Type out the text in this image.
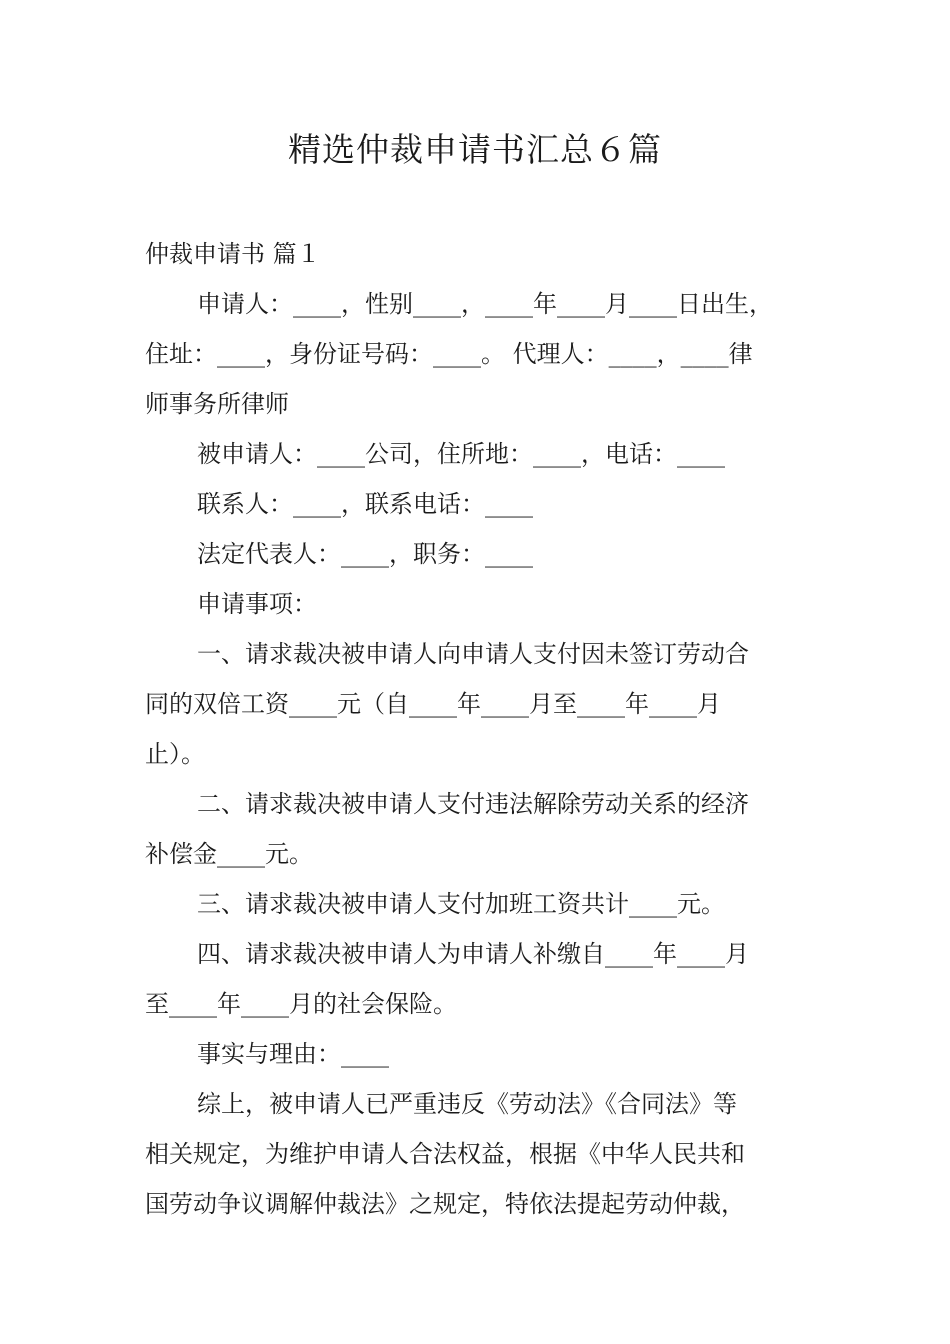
精选仲裁申请书汇总６篇

仲裁申请书 篇１

申请人：____，性别____，____年____月____日出生，

住址：____，身份证号码：____。 代理人：____，____律

师事务所律师

被申请人：____公司，住所地：____，电话：____

联系人：____，联系电话：____

法定代表人：____，职务：____

申请事项：

一、请求裁决被申请人向申请人支付因未签订劳动合

同的双倍工资____元（自____年____月至____年____月

止）。

二、请求裁决被申请人支付违法解除劳动关系的经济

补偿金____元。

三、请求裁决被申请人支付加班工资共计____元。

四、请求裁决被申请人为申请人补缴自____年____月

至____年____月的社会保险。

事实与理由：____

综上，被申请人已严重违反《劳动法》《合同法》等

相关规定，为维护申请人合法权益，根据《中华人民共和

国劳动争议调解仲裁法》之规定，特依法提起劳动仲裁，
